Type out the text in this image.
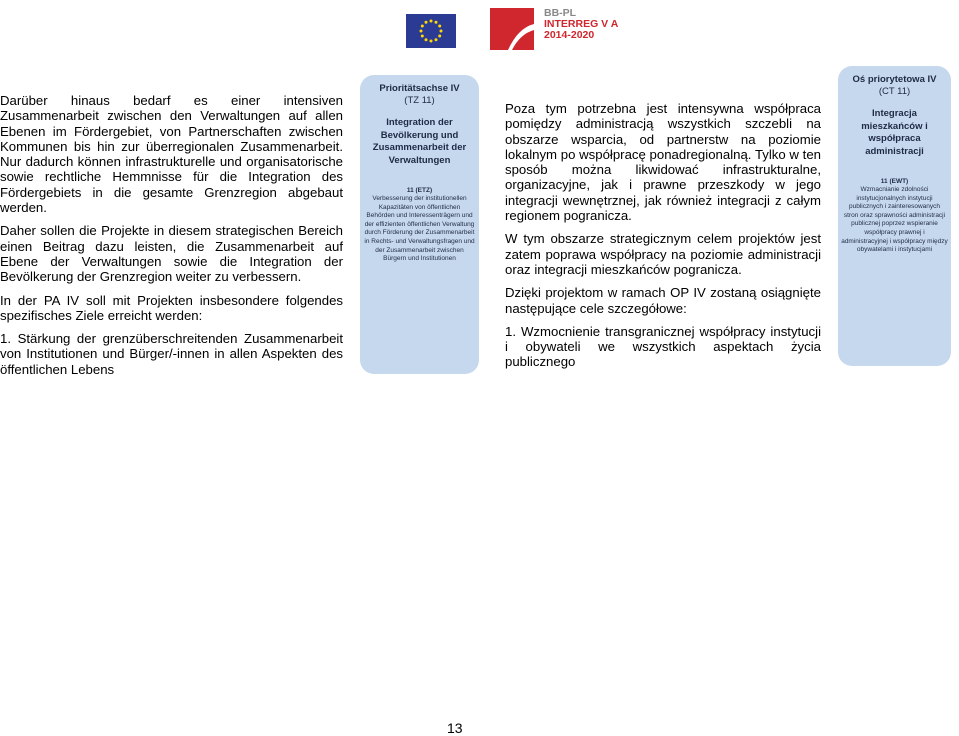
BB-PL
INTERREG V A
2014-2020

Darüber hinaus bedarf es einer intensiven Zusammenarbeit zwischen den Verwaltungen auf allen Ebenen im Fördergebiet, von Partnerschaften zwischen Kommunen bis hin zur überregionalen Zusammenarbeit. Nur dadurch können infrastrukturelle und organisatorische sowie rechtliche Hemmnisse für die Integration des Fördergebiets in die gesamte Grenzregion abgebaut werden.

Daher sollen die Projekte in diesem strategischen Bereich einen Beitrag dazu leisten, die Zusammenarbeit auf Ebene der Verwaltungen sowie die Integration der Bevölkerung der Grenzregion weiter zu verbessern.

In der PA IV soll mit Projekten insbesondere folgendes spezifisches Ziele erreicht werden:

1. Stärkung der grenzüberschreitenden Zusammenarbeit von Institutionen und Bürger/-innen in allen Aspekten des öffentlichen Lebens

Prioritätsachse IV
(TZ 11)
Integration der Bevölkerung und Zusammenarbeit der Verwaltungen
11 (ETZ)
Verbesserung der institutionellen Kapazitäten von öffentlichen Behörden und Interessenträgern und der effizienten öffentlichen Verwaltung durch Förderung der Zusammenarbeit in Rechts- und Verwaltungsfragen und der Zusammenarbeit zwischen Bürgern und Institutionen

Poza tym potrzebna jest intensywna współpraca pomiędzy administracją wszystkich szczebli na obszarze wsparcia, od partnerstw na poziomie lokalnym po współpracę ponadregionalną. Tylko w ten sposób można likwidować infrastrukturalne, organizacyjne, jak i prawne przeszkody w jego integracji wewnętrznej, jak również integracji z całym regionem pogranicza.

W tym obszarze strategicznym celem projektów jest zatem poprawa współpracy na poziomie administracji oraz integracji mieszkańców pogranicza.

Dzięki projektom w ramach OP IV zostaną osiągnięte następujące cele szczegółowe:

1. Wzmocnienie transgranicznej współpracy instytucji i obywateli we wszystkich aspektach życia publicznego

Oś priorytetowa IV
(CT 11)
Integracja mieszkańców i współpraca administracji
11 (EWT)
Wzmacnianie zdolności instytucjonalnych instytucji publicznych i zainteresowanych stron oraz sprawności administracji publicznej poprzez wspieranie współpracy prawnej i administracyjnej i współpracy między obywatelami i instytucjami
13
